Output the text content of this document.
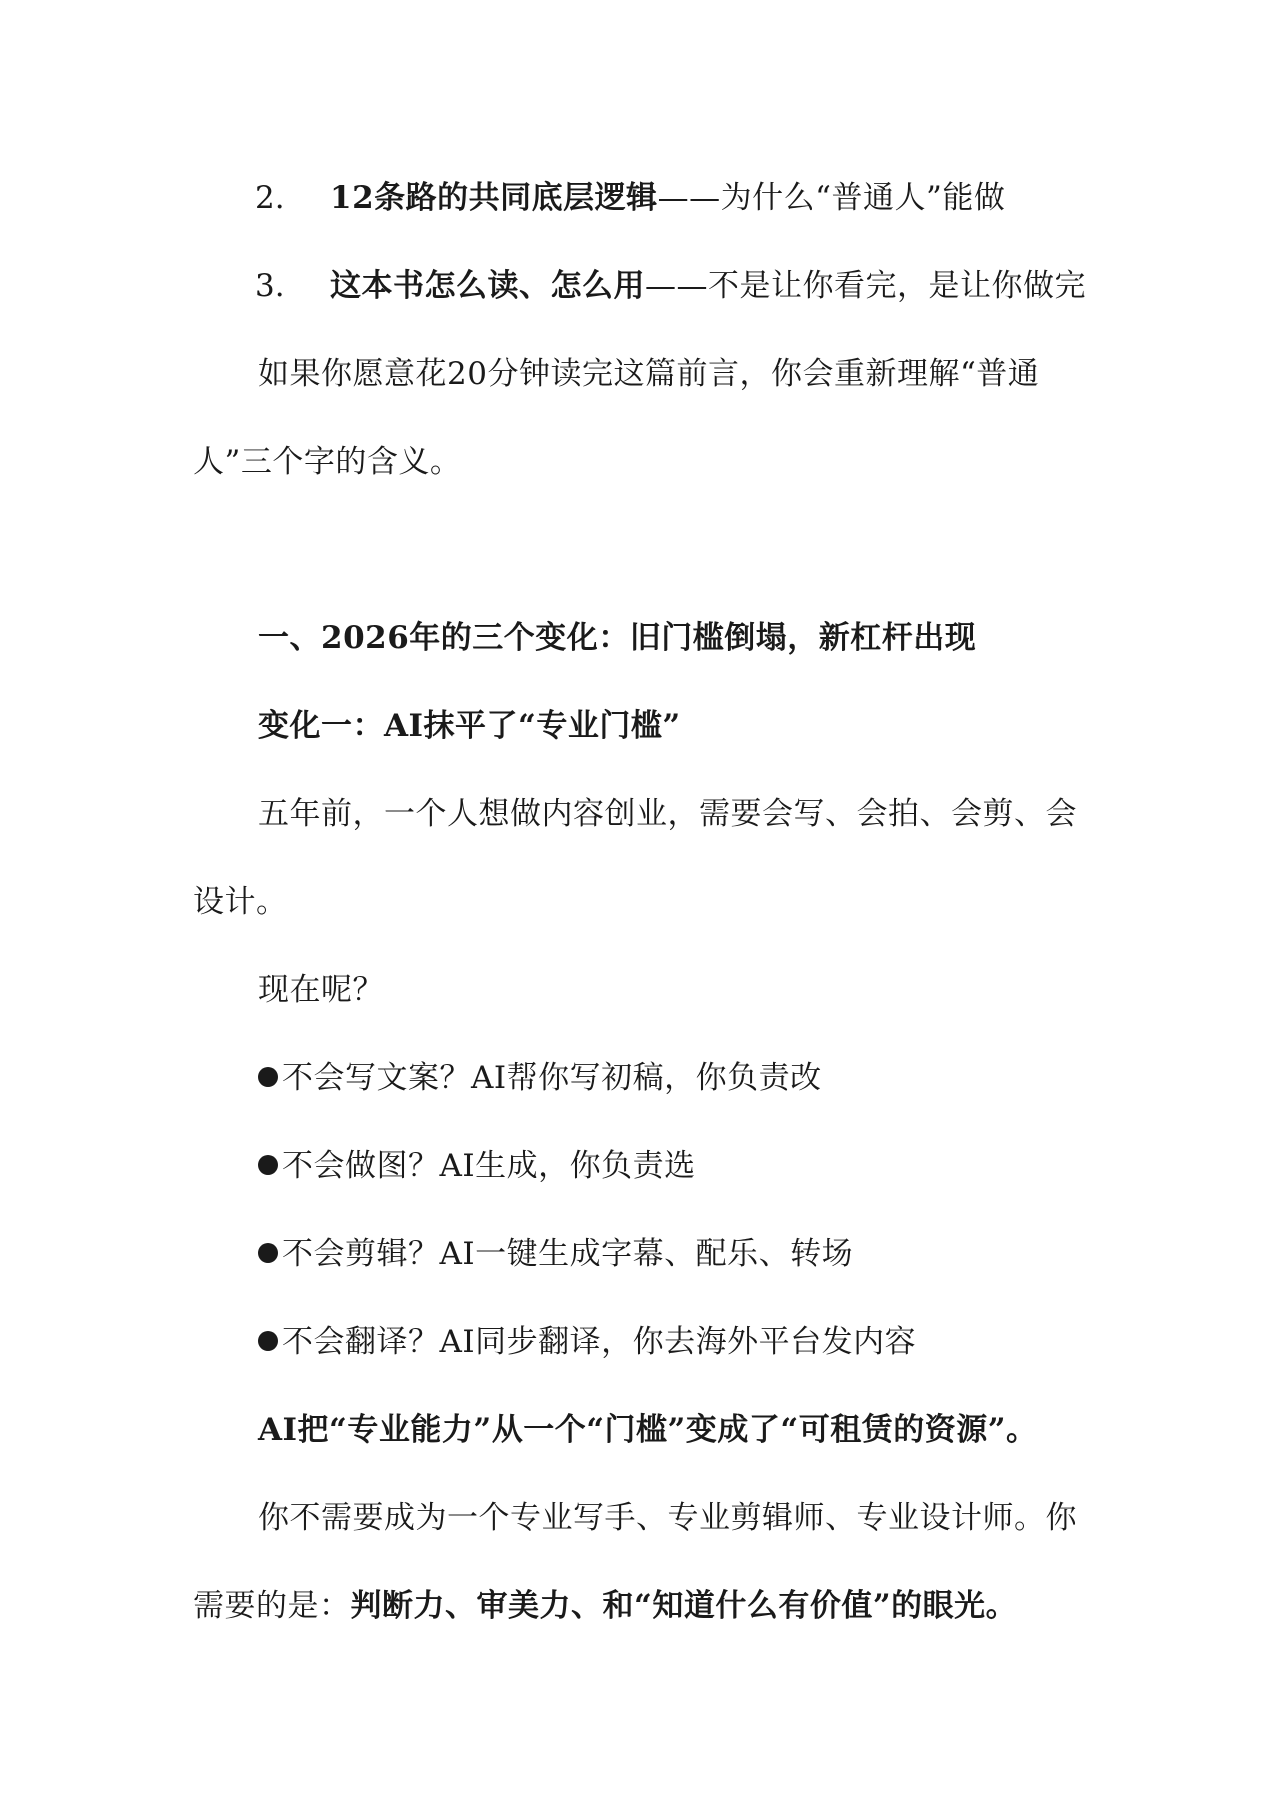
2. 12条路的共同底层逻辑——为什么“普通人”能做
3. 这本书怎么读、怎么用——不是让你看完，是让你做完
如果你愿意花20分钟读完这篇前言，你会重新理解“普通
人”三个字的含义。
一、2026年的三个变化：旧门槛倒塌，新杠杆出现
变化一：AI抹平了“专业门槛”
五年前，一个人想做内容创业，需要会写、会拍、会剪、会
设计。
现在呢？
不会写文案？AI帮你写初稿，你负责改
不会做图？AI生成，你负责选
不会剪辑？AI一键生成字幕、配乐、转场
不会翻译？AI同步翻译，你去海外平台发内容
AI把“专业能力”从一个“门槛”变成了“可租赁的资源”。
你不需要成为一个专业写手、专业剪辑师、专业设计师。你
需要的是：判断力、审美力、和“知道什么有价值”的眼光。
